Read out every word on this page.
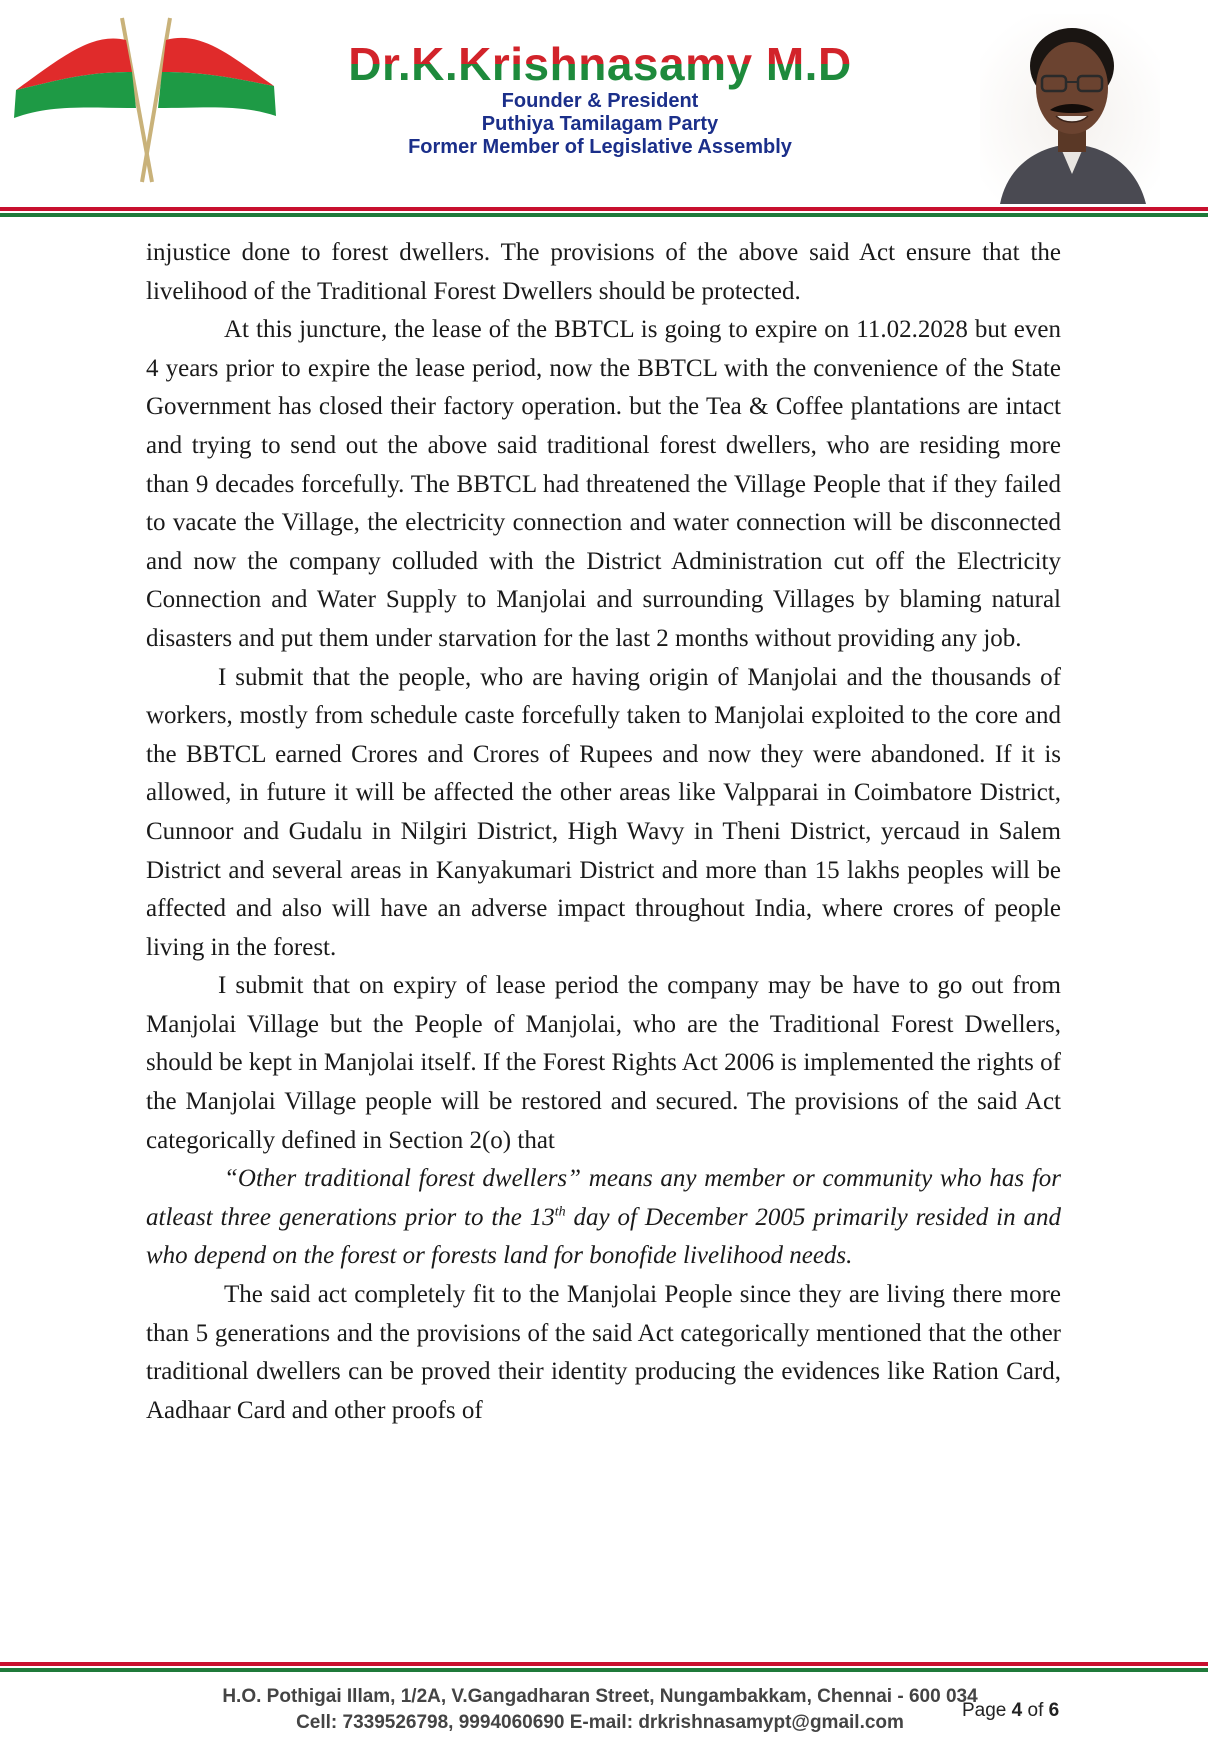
Dr.K.Krishnasamy M.D
Founder & President
Puthiya Tamilagam Party
Former Member of Legislative Assembly

injustice done to forest dwellers. The provisions of the above said Act ensure that the livelihood of the Traditional Forest Dwellers should be protected.

At this juncture, the lease of the BBTCL is going to expire on 11.02.2028 but even 4 years prior to expire the lease period, now the BBTCL with the convenience of the State Government has closed their factory operation. but the Tea & Coffee plantations are intact and trying to send out the above said traditional forest dwellers, who are residing more than 9 decades forcefully. The BBTCL had threatened the Village People that if they failed to vacate the Village, the electricity connection and water connection will be disconnected and now the company colluded with the District Administration cut off the Electricity Connection and Water Supply to Manjolai and surrounding Villages by blaming natural disasters and put them under starvation for the last 2 months without providing any job.

I submit that the people, who are having origin of Manjolai and the thousands of workers, mostly from schedule caste forcefully taken to Manjolai exploited to the core and the BBTCL earned Crores and Crores of Rupees and now they were abandoned. If it is allowed, in future it will be affected the other areas like Valpparai in Coimbatore District, Cunnoor and Gudalu in Nilgiri District, High Wavy in Theni District, yercaud in Salem District and several areas in Kanyakumari District and more than 15 lakhs peoples will be affected and also will have an adverse impact throughout India, where crores of people living in the forest.

I submit that on expiry of lease period the company may be have to go out from Manjolai Village but the People of Manjolai, who are the Traditional Forest Dwellers, should be kept in Manjolai itself. If the Forest Rights Act 2006 is implemented the rights of the Manjolai Village people will be restored and secured. The provisions of the said Act categorically defined in Section 2(o) that

“Other traditional forest dwellers” means any member or community who has for atleast three generations prior to the 13th day of December 2005 primarily resided in and who depend on the forest or forests land for bonofide livelihood needs.

The said act completely fit to the Manjolai People since they are living there more than 5 generations and the provisions of the said Act categorically mentioned that the other traditional dwellers can be proved their identity producing the evidences like Ration Card, Aadhaar Card and other proofs of

H.O. Pothigai Illam, 1/2A, V.Gangadharan Street, Nungambakkam, Chennai - 600 034
Cell: 7339526798, 9994060690 E-mail: drkrishnasamypt@gmail.com
Page 4 of 6
